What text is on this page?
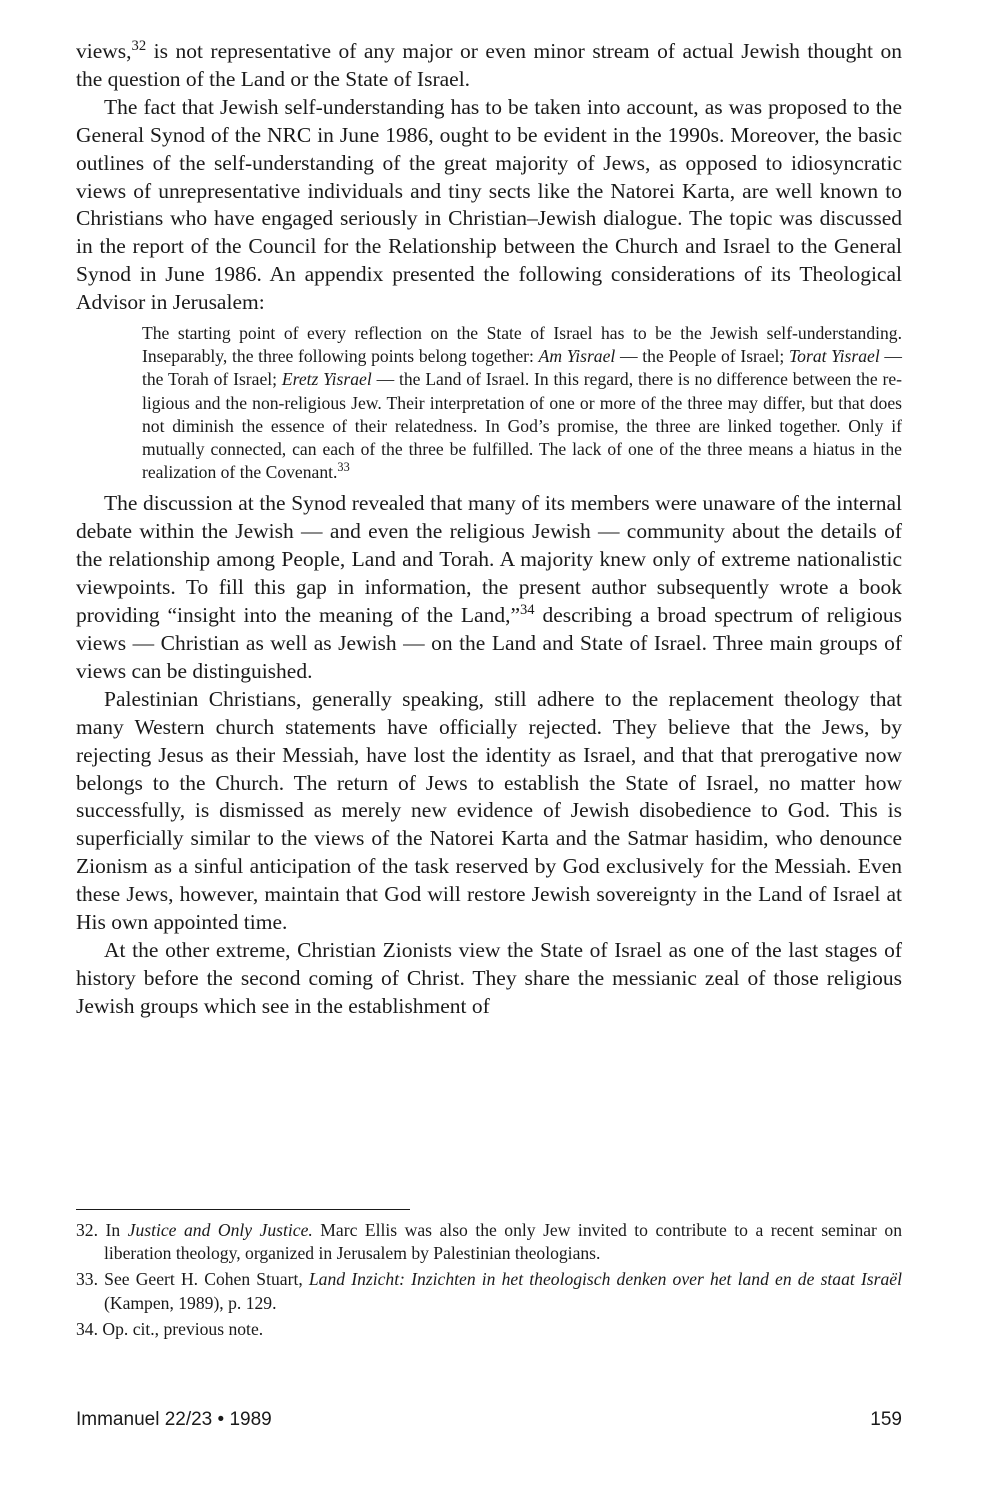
views,$^{32}$ is not representative of any major or even minor stream of actual Jewish thought on the question of the Land or the State of Israel.

The fact that Jewish self-understanding has to be taken into account, as was proposed to the General Synod of the NRC in June 1986, ought to be evident in the 1990s. Moreover, the basic outlines of the self-understanding of the great majority of Jews, as opposed to idiosyncratic views of unrepresentative individuals and tiny sects like the Natorei Karta, are well known to Christians who have engaged seriously in Christian–Jewish dialogue. The topic was discussed in the report of the Council for the Relationship between the Church and Israel to the General Synod in June 1986. An appendix presented the following considerations of its Theological Advisor in Jerusalem:

The starting point of every reflection on the State of Israel has to be the Jewish self-understanding. Inseparably, the three following points belong together: Am Yisrael — the People of Israel; Torat Yisrael — the Torah of Israel; Eretz Yisrael — the Land of Israel. In this regard, there is no difference between the religious and the non-religious Jew. Their interpretation of one or more of the three may differ, but that does not diminish the essence of their relatedness. In God’s promise, the three are linked together. Only if mutually connected, can each of the three be fulfilled. The lack of one of the three means a hiatus in the realization of the Covenant.$^{33}$

The discussion at the Synod revealed that many of its members were unaware of the internal debate within the Jewish — and even the religious Jewish — community about the details of the relationship among People, Land and Torah. A majority knew only of extreme nationalistic viewpoints. To fill this gap in information, the present author subsequently wrote a book providing “insight into the meaning of the Land,”$^{34}$ describing a broad spectrum of religious views — Christian as well as Jewish — on the Land and State of Israel. Three main groups of views can be distinguished.

Palestinian Christians, generally speaking, still adhere to the replacement theology that many Western church statements have officially rejected. They believe that the Jews, by rejecting Jesus as their Messiah, have lost the identity as Israel, and that that prerogative now belongs to the Church. The return of Jews to establish the State of Israel, no matter how successfully, is dismissed as merely new evidence of Jewish disobedience to God. This is superficially similar to the views of the Natorei Karta and the Satmar hasidim, who denounce Zionism as a sinful anticipation of the task reserved by God exclusively for the Messiah. Even these Jews, however, maintain that God will restore Jewish sovereignty in the Land of Israel at His own appointed time.

At the other extreme, Christian Zionists view the State of Israel as one of the last stages of history before the second coming of Christ. They share the messianic zeal of those religious Jewish groups which see in the establishment of

32. In Justice and Only Justice. Marc Ellis was also the only Jew invited to contribute to a recent seminar on liberation theology, organized in Jerusalem by Palestinian theologians.

33. See Geert H. Cohen Stuart, Land Inzicht: Inzichten in het theologisch denken over het land en de staat Israël (Kampen, 1989), p. 129.

34. Op. cit., previous note.

Immanuel 22/23 • 1989	159
